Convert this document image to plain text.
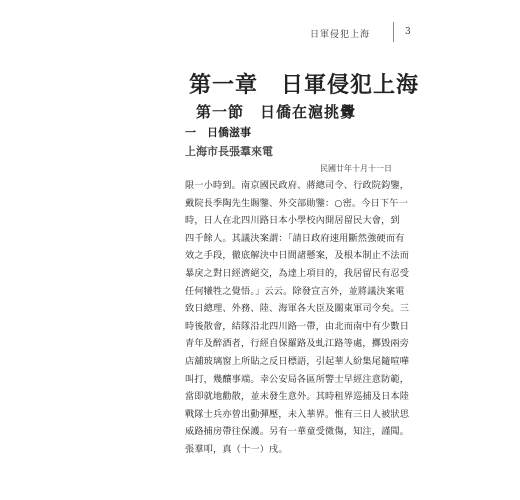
日軍侵犯上海	3
第一章　日軍侵犯上海
第一節　日僑在滬挑釁
一　日僑滋事
上海市長張羣來電
民國廿年十月十一日
限一小時到。南京國民政府、蔣總司令、行政院鈞鑒，
戴院長季陶先生賜鑒、外交部勛鑒：○密。今日下午一
時，日人在北四川路日本小學校內開居留民大會，到
四千餘人。其議決案謂：「請日政府速用斷然強硬而有
效之手段，徹底解決中日間諸懸案，及根本制止不法而
暴戾之對日經濟絕交，為達上項目的，我居留民有忍受
任何犧牲之覺悟。」云云。除發宣言外，並將議決案電
致日總理、外務、陸、海軍各大臣及關東軍司令矣。三
時後散會，結隊沿北四川路一帶，由北而南中有少數日
青年及醉酒者，行經自保羅路及虬江路等處，擲毀兩旁
店舖玻璃窗上所貼之反日標語，引起華人紛集尾隨喧嘩
叫打，幾釀事端。幸公安局各區所警士早經注意防範，
當即就地勸散，並未發生意外。其時租界巡捕及日本陸
戰隊士兵亦曾出動彈壓，未入華界。惟有三日人被狀思
威路捕房帶往保護。另有一華童受微傷，知注，謹聞。
張羣叩，真（十一）戌。
